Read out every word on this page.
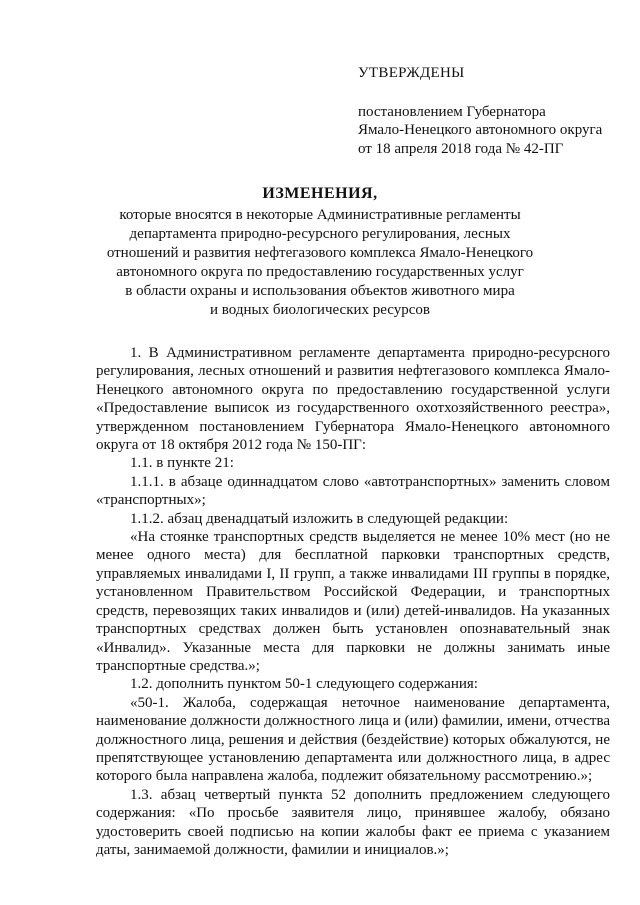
УТВЕРЖДЕНЫ
постановлением Губернатора
Ямало-Ненецкого автономного округа
от 18 апреля 2018 года № 42-ПГ
ИЗМЕНЕНИЯ,
которые вносятся в некоторые Административные регламенты
департамента природно-ресурсного регулирования, лесных
отношений и развития нефтегазового комплекса Ямало-Ненецкого
автономного округа по предоставлению государственных услуг
в области охраны и использования объектов животного мира
и водных биологических ресурсов

1. В Административном регламенте департамента природно-ресурсного регулирования, лесных отношений и развития нефтегазового комплекса Ямало-Ненецкого автономного округа по предоставлению государственной услуги «Предоставление выписок из государственного охотхозяйственного реестра», утвержденном постановлением Губернатора Ямало-Ненецкого автономного округа от 18 октября 2012 года № 150-ПГ:

1.1. в пункте 21:

1.1.1. в абзаце одиннадцатом слово «автотранспортных» заменить словом «транспортных»;

1.1.2. абзац двенадцатый изложить в следующей редакции:

«На стоянке транспортных средств выделяется не менее 10% мест (но не менее одного места) для бесплатной парковки транспортных средств, управляемых инвалидами I, II групп, а также инвалидами III группы в порядке, установленном Правительством Российской Федерации, и транспортных средств, перевозящих таких инвалидов и (или) детей-инвалидов. На указанных транспортных средствах должен быть установлен опознавательный знак «Инвалид». Указанные места для парковки не должны занимать иные транспортные средства.»;

1.2. дополнить пунктом 50-1 следующего содержания:

«50-1. Жалоба, содержащая неточное наименование департамента, наименование должности должностного лица и (или) фамилии, имени, отчества должностного лица, решения и действия (бездействие) которых обжалуются, не препятствующее установлению департамента или должностного лица, в адрес которого была направлена жалоба, подлежит обязательному рассмотрению.»;

1.3. абзац четвертый пункта 52 дополнить предложением следующего содержания: «По просьбе заявителя лицо, принявшее жалобу, обязано удостоверить своей подписью на копии жалобы факт ее приема с указанием даты, занимаемой должности, фамилии и инициалов.»;
